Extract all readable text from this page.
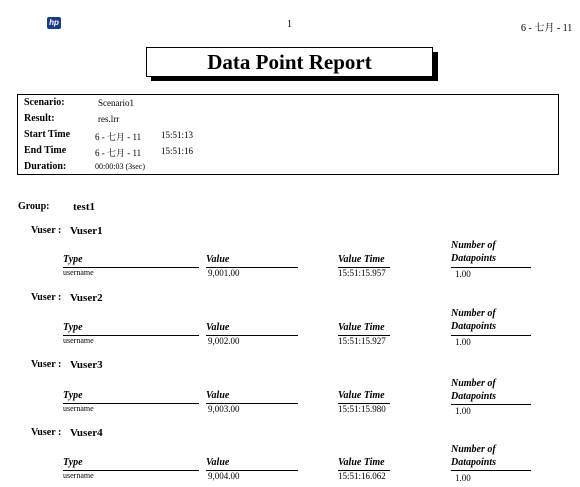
hp	1	6 - 七月 - 11
Data Point Report
Scenario:	Scenario1
Result:	res.lrr
Start Time	6 - 七月 - 11 15:51:13
End Time	6 - 七月 - 11 15:51:16
Duration:	00:00:03 (3sec)
Group: test1
Vuser : Vuser1
Number of
Type	Value	Value Time	Datapoints
username	9,001.00	15:51:15.957	1.00
Vuser : Vuser2
Number of
Type	Value	Value Time	Datapoints
username	9,002.00	15:51:15.927	1.00
Vuser : Vuser3
Number of
Type	Value	Value Time	Datapoints
username	9,003.00	15:51:15.980	1.00
Vuser : Vuser4
Number of
Type	Value	Value Time	Datapoints
username	9,004.00	15:51:16.062	1.00
